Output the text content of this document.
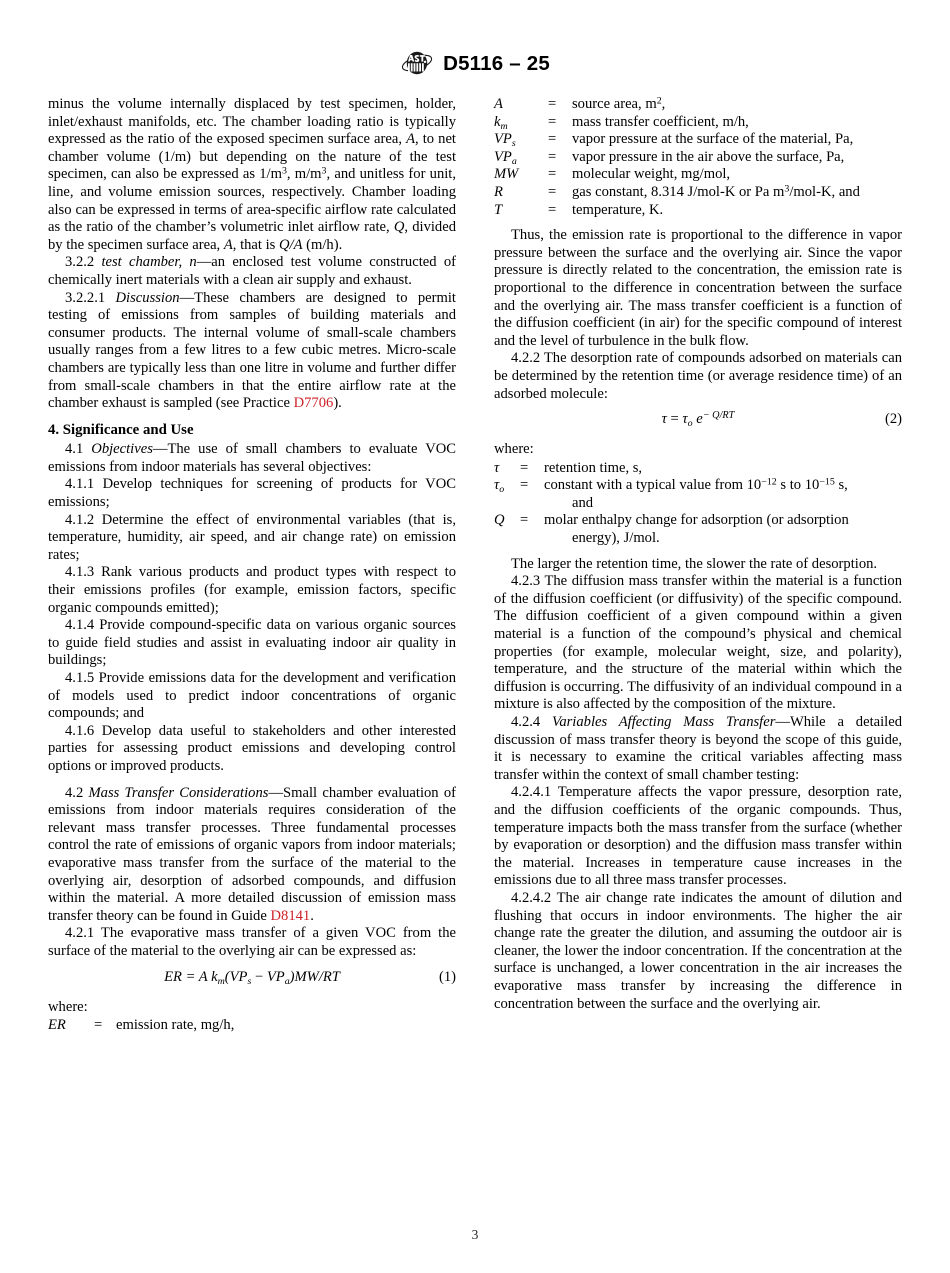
D5116 – 25

minus the volume internally displaced by test specimen, holder, inlet/exhaust manifolds, etc. The chamber loading ratio is typically expressed as the ratio of the exposed specimen surface area, A, to net chamber volume (1/m) but depending on the nature of the test specimen, can also be expressed as $1/m^3$, $m/m^3$, and unitless for unit, line, and volume emission sources, respectively. Chamber loading also can be expressed in terms of area-specific airflow rate calculated as the ratio of the chamber’s volumetric inlet airflow rate, Q, divided by the specimen surface area, A, that is Q/A (m/h).

3.2.2 test chamber, n—an enclosed test volume constructed of chemically inert materials with a clean air supply and exhaust.

3.2.2.1 Discussion—These chambers are designed to permit testing of emissions from samples of building materials and consumer products. The internal volume of small-scale chambers usually ranges from a few litres to a few cubic metres. Micro-scale chambers are typically less than one litre in volume and further differ from small-scale chambers in that the entire airflow rate at the chamber exhaust is sampled (see Practice D7706).

4. Significance and Use

4.1 Objectives—The use of small chambers to evaluate VOC emissions from indoor materials has several objectives:

4.1.1 Develop techniques for screening of products for VOC emissions;

4.1.2 Determine the effect of environmental variables (that is, temperature, humidity, air speed, and air change rate) on emission rates;

4.1.3 Rank various products and product types with respect to their emissions profiles (for example, emission factors, specific organic compounds emitted);

4.1.4 Provide compound-specific data on various organic sources to guide field studies and assist in evaluating indoor air quality in buildings;

4.1.5 Provide emissions data for the development and verification of models used to predict indoor concentrations of organic compounds; and

4.1.6 Develop data useful to stakeholders and other interested parties for assessing product emissions and developing control options or improved products.

4.2 Mass Transfer Considerations—Small chamber evaluation of emissions from indoor materials requires consideration of the relevant mass transfer processes. Three fundamental processes control the rate of emissions of organic vapors from indoor materials; evaporative mass transfer from the surface of the material to the overlying air, desorption of adsorbed compounds, and diffusion within the material. A more detailed discussion of emission mass transfer theory can be found in Guide D8141.

4.2.1 The evaporative mass transfer of a given VOC from the surface of the material to the overlying air can be expressed as:

ER = A $k_m(VP_s - VP_a)MW/RT$	(1)

where:

ER	= emission rate, mg/h,
A	=	source area, $m^2$,
$k_m$	=	mass transfer coefficient, m/h,
$VP_s$	=	vapor pressure at the surface of the material, Pa,
$VP_a$	=	vapor pressure in the air above the surface, Pa,
MW	=	molecular weight, mg/mol,
R	=	gas constant, 8.314 J/mol-K or Pa $m^3/mol-K$, and
T	=	temperature, K.

Thus, the emission rate is proportional to the difference in vapor pressure between the surface and the overlying air. Since the vapor pressure is directly related to the concentration, the emission rate is proportional to the difference in concentration between the surface and the overlying air. The mass transfer coefficient is a function of the diffusion coefficient (in air) for the specific compound of interest and the level of turbulence in the bulk flow.

4.2.2 The desorption rate of compounds adsorbed on materials can be determined by the retention time (or average residence time) of an adsorbed molecule:

$\tau = \tau_o$ $e^{- Q/RT}$	(2)

where:

τ	=	retention time, s,
$\tau_o$	=	constant with a typical value from $10^{-12}$ s to $10^{-15}$ s,
and
Q	=	molar enthalpy change for adsorption (or adsorption
energy), J/mol.

The larger the retention time, the slower the rate of desorption.

4.2.3 The diffusion mass transfer within the material is a function of the diffusion coefficient (or diffusivity) of the specific compound. The diffusion coefficient of a given compound within a given material is a function of the compound’s physical and chemical properties (for example, molecular weight, size, and polarity), temperature, and the structure of the material within which the diffusion is occurring. The diffusivity of an individual compound in a mixture is also affected by the composition of the mixture.

4.2.4 Variables Affecting Mass Transfer—While a detailed discussion of mass transfer theory is beyond the scope of this guide, it is necessary to examine the critical variables affecting mass transfer within the context of small chamber testing:

4.2.4.1 Temperature affects the vapor pressure, desorption rate, and the diffusion coefficients of the organic compounds. Thus, temperature impacts both the mass transfer from the surface (whether by evaporation or desorption) and the diffusion mass transfer within the material. Increases in temperature cause increases in the emissions due to all three mass transfer processes.

4.2.4.2 The air change rate indicates the amount of dilution and flushing that occurs in indoor environments. The higher the air change rate the greater the dilution, and assuming the outdoor air is cleaner, the lower the indoor concentration. If the concentration at the surface is unchanged, a lower concentration in the air increases the evaporative mass transfer by increasing the difference in concentration between the surface and the overlying air.

3
